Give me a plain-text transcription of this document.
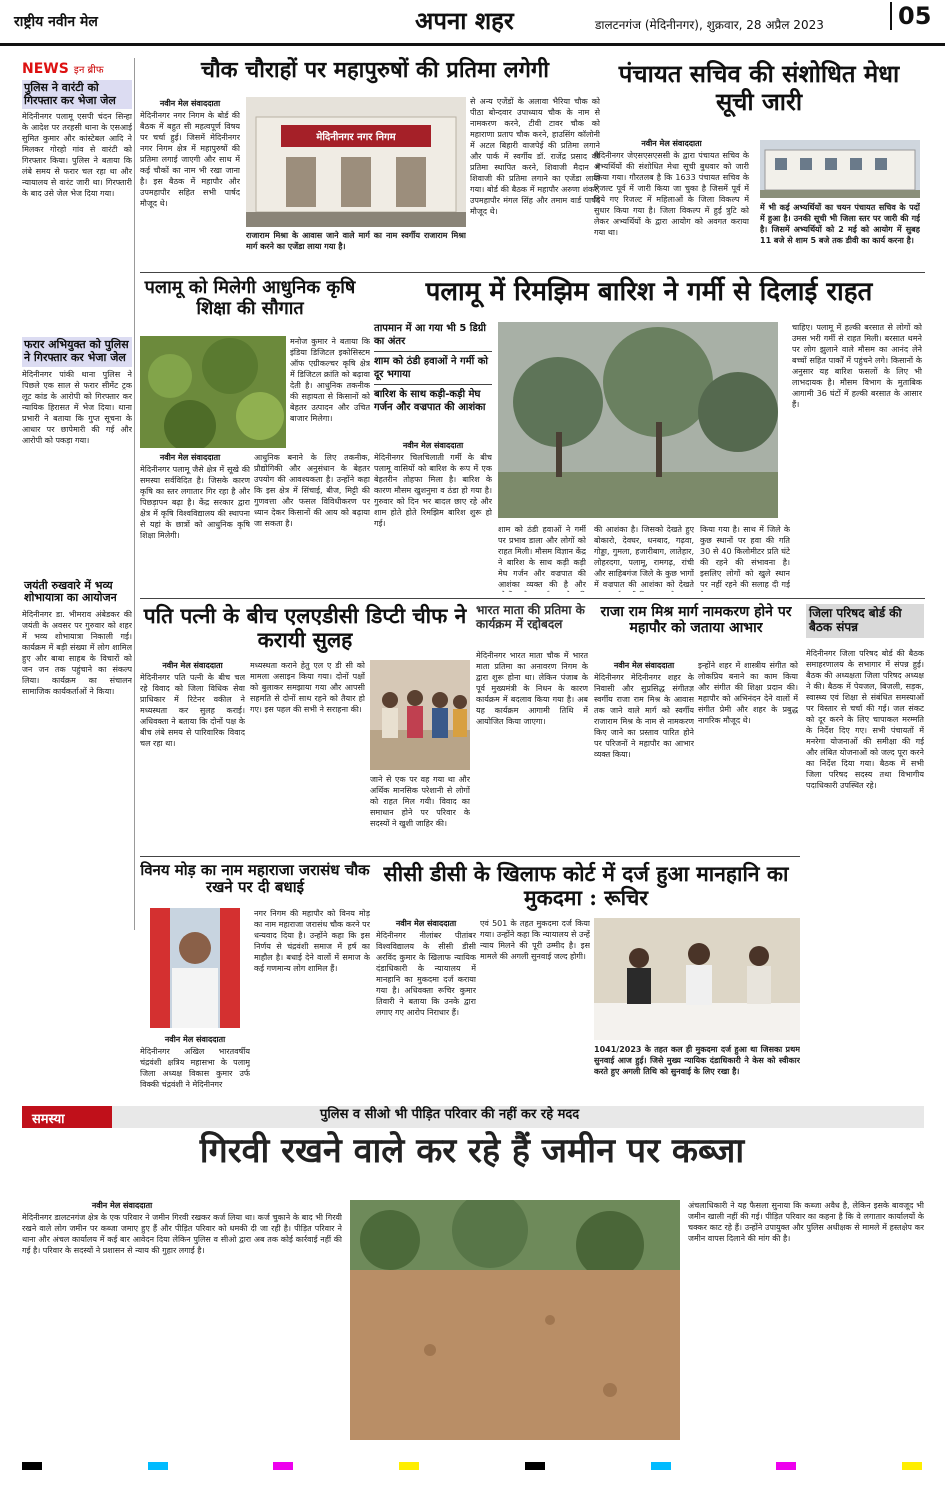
राष्ट्रीय नवीन मेल	अपना शहर	डालटनगंज (मेदिनीनगर), शुक्रवार, 28 अप्रैल 2023	05
NEWS इन ब्रीफ
पुलिस ने वारंटी को गिरफ्तार कर भेजा जेल
मेदिनीनगर पलामू एसपी चंदन सिन्हा के आदेश पर तरहसी थाना के एसआई सुमित कुमार और कांस्टेबल आदि ने मिलकर गोरहो गांव से वारंटी को गिरफ्तार किया। पुलिस ने बताया कि लंबे समय से फरार चल रहा था और न्यायालय से वारंट जारी था। गिरफ्तारी के बाद उसे जेल भेज दिया गया।
फरार अभियुक्त को पुलिस ने गिरफ्तार कर भेजा जेल
मेदिनीनगर पांकी थाना पुलिस ने पिछले एक साल से फरार सीमेंट ट्रक लूट कांड के आरोपी को गिरफ्तार कर न्यायिक हिरासत में भेज दिया। थाना प्रभारी ने बताया कि गुप्त सूचना के आधार पर छापेमारी की गई और आरोपी को पकड़ा गया।
जयंती रुखवारे में भव्य शोभायात्रा का आयोजन
मेदिनीनगर डा. भीमराव अंबेडकर की जयंती के अवसर पर गुरुवार को शहर में भव्य शोभायात्रा निकाली गई। कार्यक्रम में बड़ी संख्या में लोग शामिल हुए और बाबा साहब के विचारों को जन जन तक पहुंचाने का संकल्प लिया। कार्यक्रम का संचालन सामाजिक कार्यकर्ताओं ने किया।
चौक चौराहों पर महापुरुषों की प्रतिमा लगेगी
नवीन मेल संवाददाता
मेदिनीनगर नगर निगम के बोर्ड की बैठक में बहुत सी महत्वपूर्ण विषय पर चर्चा हुई। जिसमें मेदिनीनगर नगर निगम क्षेत्र में महापुरुषों की प्रतिमा लगाई जाएगी और साथ में कई चौकों का नाम भी रखा जाना है। इस बैठक में महापौर और उपमहापौर सहित सभी पार्षद मौजूद थे।
मेदिनीनगर नगर निगम
राजाराम मिश्रा के आवास जाने वाले मार्ग का नाम स्वर्गीय राजाराम मिश्रा मार्ग करने का एजेंडा लाया गया है।
से अन्य एजेंडों के अलावा भैरिया चौक को पीठा बोन्दवार उपाध्याय चौक के नाम से नामकरण करने, टीवी टावर चौक को महाराणा प्रताप चौक करने, हाउसिंग कॉलोनी में अटल बिहारी वाजपेई की प्रतिमा लगाने और पार्क में स्वर्गीय डॉ. राजेंद्र प्रसाद की प्रतिमा स्थापित करने, शिवाजी मैदान में शिवाजी की प्रतिमा लगाने का एजेंडा लाया गया। बोर्ड की बैठक में महापौर अरुणा शंकर, उपमहापौर मंगल सिंह और तमाम वार्ड पार्षद मौजूद थे।
पंचायत सचिव की संशोधित मेधा सूची जारी
नवीन मेल संवाददाता
मेदिनीनगर जेएसएसएससी के द्वारा पंचायत सचिव के अभ्यर्थियों की संशोधित मेधा सूची बुधवार को जारी किया गया। गौरतलब है कि 1633 पंचायत सचिव के रिजल्ट पूर्व में जारी किया जा चुका है जिसमें पूर्व में दिये गए रिजल्ट में महिलाओं के जिला विकल्प में सुधार किया गया है। जिला विकल्प में हुई त्रुटि को लेकर अभ्यर्थियों के द्वारा आयोग को अवगत कराया गया था।
में भी कई अभ्यर्थियों का चयन पंचायत सचिव के पदों में हुआ है। उनकी सूची भी जिला स्तर पर जारी की गई है। जिसमें अभ्यर्थियों को 2 मई को आयोग में सुबह 11 बजे से शाम 5 बजे तक डीवी का कार्य करना है।
पलामू को मिलेगी आधुनिक कृषि शिक्षा की सौगात
मनोज कुमार ने बताया कि इंडिया डिजिटल इकोसिस्टम ऑफ एग्रीकल्चर कृषि क्षेत्र में डिजिटल क्रांति को बढ़ावा देती है। आधुनिक तकनीक की सहायता से किसानों को बेहतर उत्पादन और उचित बाजार मिलेगा।
नवीन मेल संवाददाता
मेदिनीनगर पलामू जैसे क्षेत्र में सूखे की समस्या सर्वविदित है। जिसके कारण कृषि का स्तर लगातार गिर रहा है और पिछड़ापन बढ़ा है। केंद्र सरकार द्वारा क्षेत्र में कृषि विश्वविद्यालय की स्थापना से यहां के छात्रों को आधुनिक कृषि शिक्षा मिलेगी।
आधुनिक बनाने के लिए तकनीक, प्रौद्योगिकी और अनुसंधान के बेहतर उपयोग की आवश्यकता है। उन्होंने कहा कि इस क्षेत्र में सिंचाई, बीज, मिट्टी की गुणवत्ता और फसल विविधीकरण पर ध्यान देकर किसानों की आय को बढ़ाया जा सकता है।
पलामू में रिमझिम बारिश ने गर्मी से दिलाई राहत
तापमान में आ गया भी 5 डिग्री का अंतर
शाम को ठंडी हवाओं ने गर्मी को दूर भगाया
बारिश के साथ कड़ी-कड़ी मेघ गर्जन और वज्रपात की आशंका
नवीन मेल संवाददाता
मेदिनीनगर चिलचिलाती गर्मी के बीच पलामू वासियों को बारिश के रूप में एक बेहतरीन तोहफा मिला है। बारिश के कारण मौसम खुशनुमा व ठंडा हो गया है। गुरुवार को दिन भर बादल छाए रहे और शाम होते होते रिमझिम बारिश शुरू हो गई।
शाम को ठंडी हवाओं ने गर्मी पर प्रभाव डाला और लोगों को राहत मिली। मौसम विज्ञान केंद्र ने बारिश के साथ कड़ी कड़ी मेघ गर्जन और वज्रपात की आशंका व्यक्त की है और
की आशंका है। जिसको देखते हुए बोकारो, देवघर, धनबाद, गढ़वा, गोड्डा, गुमला, हजारीबाग, लातेहार, लोहरदगा, पलामू, रामगढ़, रांची और साहिबगंज जिले के कुछ भागों में वज्रपात की आशंका को देखते
किया गया है। साथ में जिले के कुछ स्थानों पर हवा की गति 30 से 40 किलोमीटर प्रति घंटे की रहने की संभावना है। इसलिए लोगों को खुले स्थान पर नहीं रहने की सलाह दी गई
चाहिए। पलामू में हल्की बरसात से लोगों को उमस भरी गर्मी से राहत मिली। बरसात थमने पर लोग झुलाने वाले मौसम का आनंद लेने बच्चों सहित पार्कों में पहुंचने लगे। किसानों के अनुसार यह बारिश फसलों के लिए भी लाभदायक है। मौसम विभाग के मुताबिक आगामी 36 घंटों में हल्की बरसात के आसार हैं।
पति पत्नी के बीच एलएडीसी डिप्टी चीफ ने करायी सुलह
नवीन मेल संवाददाता
मेदिनीनगर पति पत्नी के बीच चल रहे विवाद को जिला विधिक सेवा प्राधिकार में रिटेनर वकील ने मध्यस्थता कर सुलह कराई। अधिवक्ता ने बताया कि दोनों पक्ष के बीच लंबे समय से पारिवारिक विवाद चल रहा था।
मध्यस्थता कराने हेतु एल ए डी सी को मामला असाइन किया गया। दोनों पक्षों को बुलाकर समझाया गया और आपसी सहमति से दोनों साथ रहने को तैयार हो गए। इस पहल की सभी ने सराहना की।
जाने से एक पर वह गया था और अर्थिक मानसिक परेशानी से लोगों को राहत मिल गयी। विवाद का समाधान होने पर परिवार के सदस्यों ने खुशी जाहिर की।
भारत माता की प्रतिमा के कार्यक्रम में रद्दोबदल
मेदिनीनगर भारत माता चौक में भारत माता प्रतिमा का अनावरण निगम के द्वारा शुरू होना था। लेकिन पंजाब के पूर्व मुख्यमंत्री के निधन के कारण कार्यक्रम में बदलाव किया गया है। अब यह कार्यक्रम आगामी तिथि में आयोजित किया जाएगा।
राजा राम मिश्र मार्ग नामकरण होने पर महापौर को जताया आभार
नवीन मेल संवाददाता
मेदिनीनगर मेदिनीनगर शहर के निवासी और सुप्रसिद्ध संगीतज्ञ स्वर्गीय राजा राम मिश्र के आवास तक जाने वाले मार्ग को स्वर्गीय राजाराम मिश्र के नाम से नामकरण किए जाने का प्रस्ताव पारित होने पर परिजनों ने महापौर का आभार व्यक्त किया।
इन्होंने शहर में शास्त्रीय संगीत को लोकप्रिय बनाने का काम किया और संगीत की शिक्षा प्रदान की। महापौर को अभिनंदन देने वालों में संगीत प्रेमी और शहर के प्रबुद्ध नागरिक मौजूद थे।
जिला परिषद बोर्ड की बैठक संपन्न
मेदिनीनगर जिला परिषद बोर्ड की बैठक समाहरणालय के सभागार में संपन्न हुई। बैठक की अध्यक्षता जिला परिषद अध्यक्ष ने की। बैठक में पेयजल, बिजली, सड़क, स्वास्थ्य एवं शिक्षा से संबंधित समस्याओं पर विस्तार से चर्चा की गई। जल संकट को दूर करने के लिए चापाकल मरम्मति के निर्देश दिए गए। सभी पंचायतों में मनरेगा योजनाओं की समीक्षा की गई और लंबित योजनाओं को जल्द पूरा करने का निर्देश दिया गया। बैठक में सभी जिला परिषद सदस्य तथा विभागीय पदाधिकारी उपस्थित रहे।
विनय मोड़ का नाम महाराजा जरासंध चौक रखने पर दी बधाई
नवीन मेल संवाददाता
मेदिनीनगर अखिल भारतवर्षीय चंद्रवंशी क्षत्रिय महासभा के पलामू जिला अध्यक्ष विकास कुमार उर्फ विक्की चंद्रवंशी ने मेदिनीनगर
नगर निगम की महापौर को विनय मोड़ का नाम महाराजा जरासंध चौक करने पर धन्यवाद दिया है। उन्होंने कहा कि इस निर्णय से चंद्रवंशी समाज में हर्ष का माहौल है। बधाई देने वालों में समाज के कई गणमान्य लोग शामिल हैं।
सीसी डीसी के खिलाफ कोर्ट में दर्ज हुआ मानहानि का मुकदमा : रूचिर
नवीन मेल संवाददाता
मेदिनीनगर नीलांबर पीतांबर विश्वविद्यालय के सीसी डीसी अरविंद कुमार के खिलाफ न्यायिक दंडाधिकारी के न्यायालय में मानहानि का मुकदमा दर्ज कराया गया है। अधिवक्ता रूचिर कुमार तिवारी ने बताया कि उनके द्वारा लगाए गए आरोप निराधार हैं।
एवं 501 के तहत मुकदमा दर्ज किया गया। उन्होंने कहा कि न्यायालय से उन्हें न्याय मिलने की पूरी उम्मीद है। इस मामले की अगली सुनवाई जल्द होगी।
1041/2023 के तहत कल ही मुकदमा दर्ज हुआ था जिसका प्रथम सुनवाई आज हुई। जिसे मुख्य न्यायिक दंडाधिकारी ने केस को स्वीकार करते हुए अगली तिथि को सुनवाई के लिए रखा है।
समस्या	पुलिस व सीओ भी पीड़ित परिवार की नहीं कर रहे मदद
गिरवी रखने वाले कर रहे हैं जमीन पर कब्जा
नवीन मेल संवाददाता
मेदिनीनगर डालटनगंज क्षेत्र के एक परिवार ने जमीन गिरवी रखकर कर्ज लिया था। कर्ज चुकाने के बाद भी गिरवी रखने वाले लोग जमीन पर कब्जा जमाए हुए हैं और पीड़ित परिवार को धमकी दी जा रही है। पीड़ित परिवार ने थाना और अंचल कार्यालय में कई बार आवेदन दिया लेकिन पुलिस व सीओ द्वारा अब तक कोई कार्रवाई नहीं की गई है। परिवार के सदस्यों ने प्रशासन से न्याय की गुहार लगाई है।
अंचलाधिकारी ने यह फैसला सुनाया कि कब्जा अवैध है, लेकिन इसके बावजूद भी जमीन खाली नहीं की गई। पीड़ित परिवार का कहना है कि वे लगातार कार्यालयों के चक्कर काट रहे हैं। उन्होंने उपायुक्त और पुलिस अधीक्षक से मामले में हस्तक्षेप कर जमीन वापस दिलाने की मांग की है।
